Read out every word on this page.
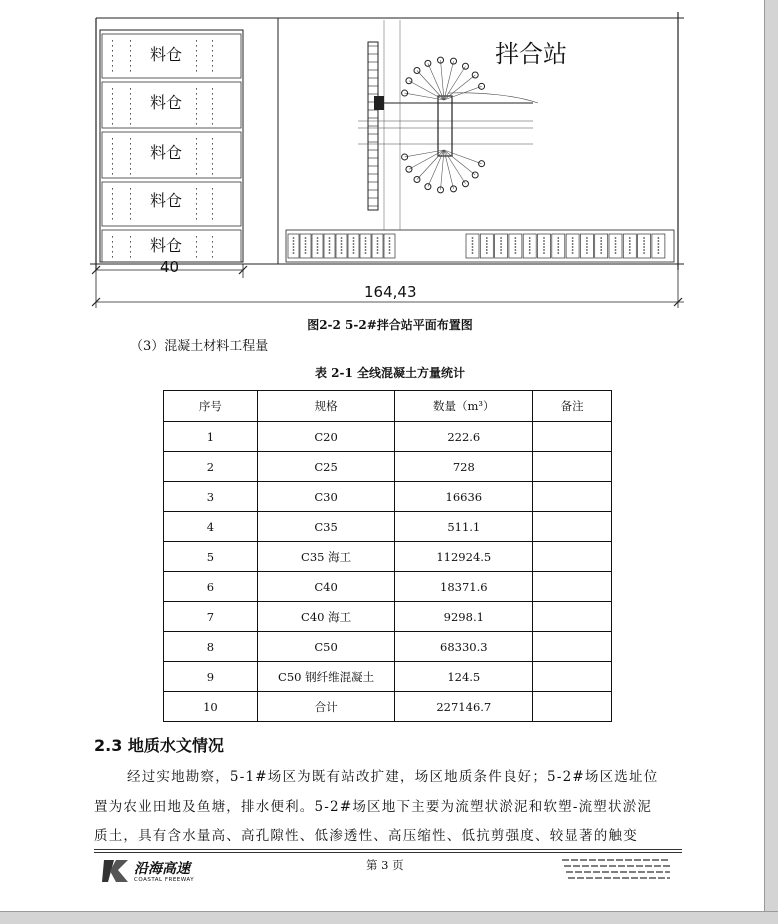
拌合站
料仓
料仓
料仓
料仓
料仓
40
164,43
图2-2 5-2#拌合站平面布置图
（3）混凝土材料工程量
表 2-1 全线混凝土方量统计
序号	规格	数量（m³）	备注
1	C20	222.6	
2	C25	728	
3	C30	16636	
4	C35	511.1	
5	C35 海工	112924.5	
6	C40	18371.6	
7	C40 海工	9298.1	
8	C50	68330.3	
9	C50 钢纤维混凝土	124.5	
10	合计	227146.7	
2.3 地质水文情况
经过实地勘察，5-1#场区为既有站改扩建，场区地质条件良好；5-2#场区选址位
置为农业田地及鱼塘，排水便利。5-2#场区地下主要为流塑状淤泥和软塑-流塑状淤泥
质土，具有含水量高、高孔隙性、低渗透性、高压缩性、低抗剪强度、较显著的触变
沿海高速
COASTAL FREEWAY
第 3 页
